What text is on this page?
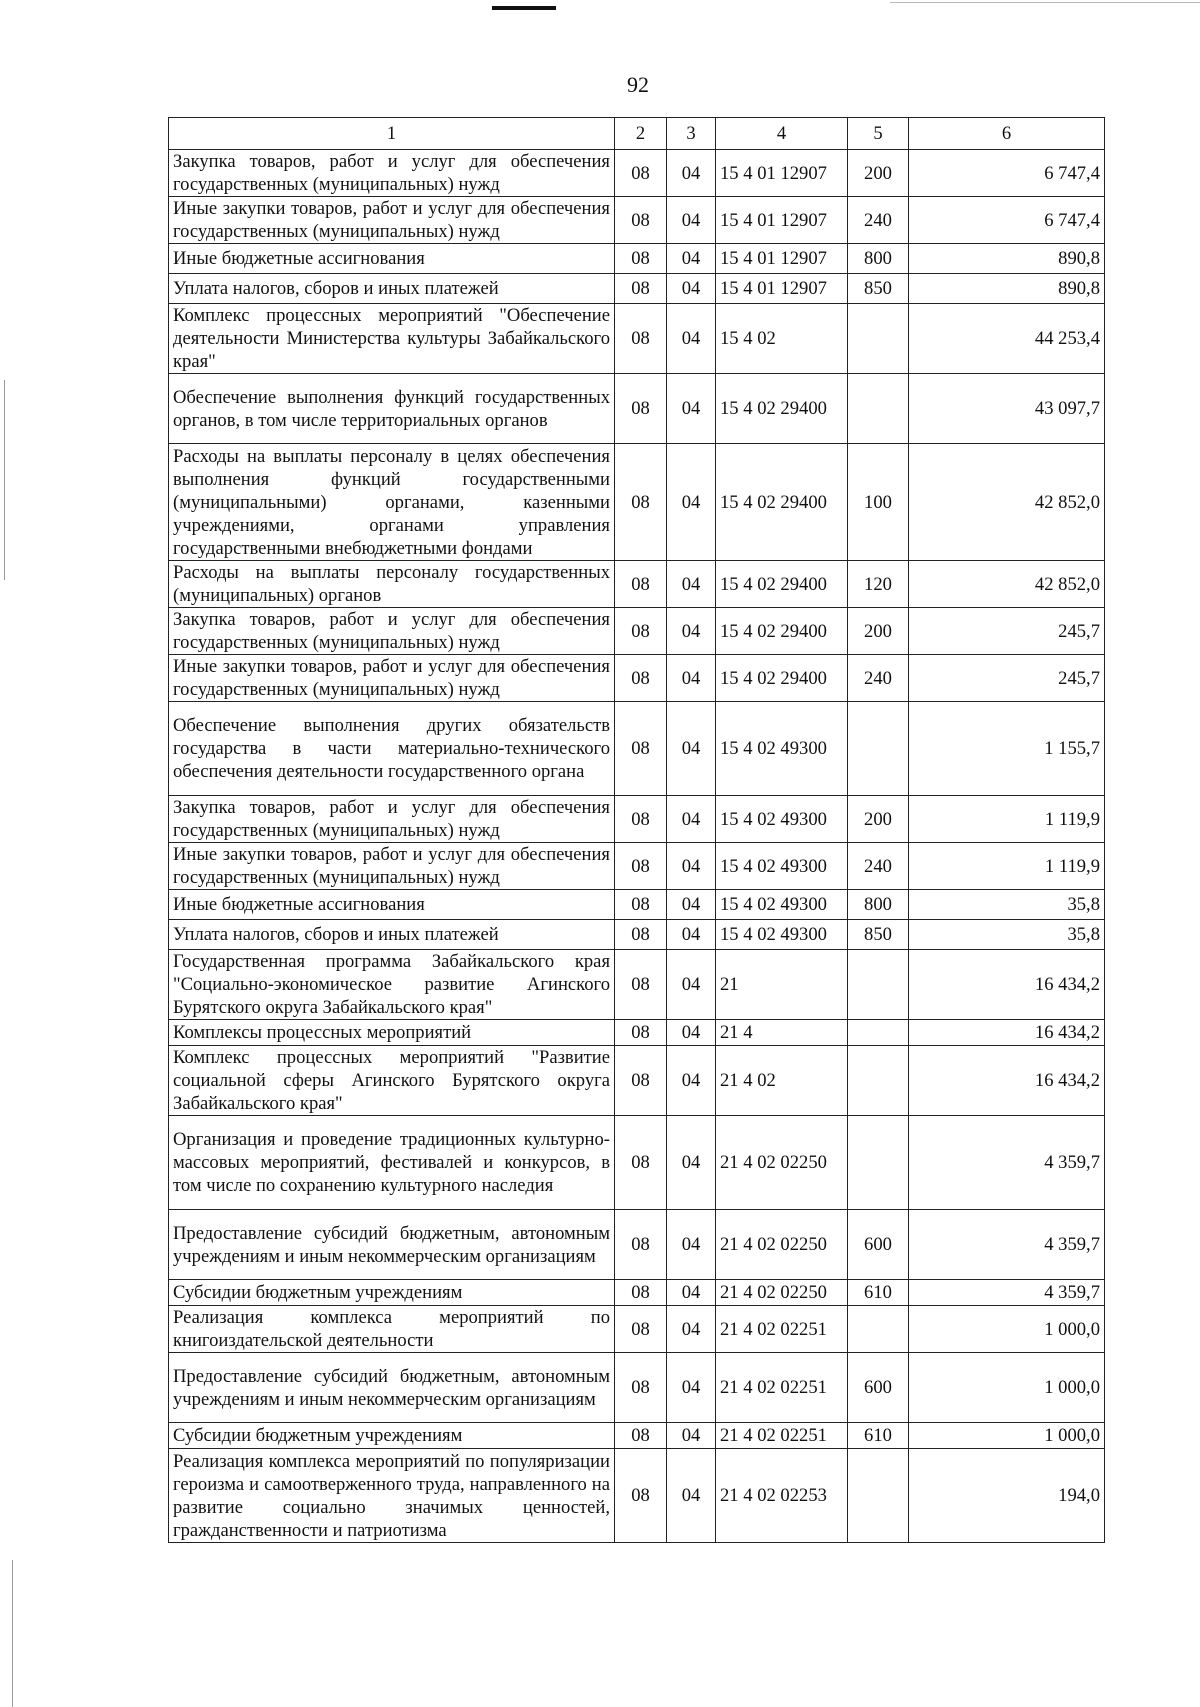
92
1	2	3	4	5	6
Закупка товаров, работ и услуг для обеспечения государственных (муниципальных) нужд	08	04	15 4 01 12907	200	6 747,4
Иные закупки товаров, работ и услуг для обеспечения государственных (муниципальных) нужд	08	04	15 4 01 12907	240	6 747,4
Иные бюджетные ассигнования	08	04	15 4 01 12907	800	890,8
Уплата налогов, сборов и иных платежей	08	04	15 4 01 12907	850	890,8
Комплекс процессных мероприятий "Обеспечение деятельности Министерства культуры Забайкальского края"	08	04	15 4 02		44 253,4
Обеспечение выполнения функций государственных органов, в том числе территориальных органов	08	04	15 4 02 29400		43 097,7
Расходы на выплаты персоналу в целях обеспечения выполнения функций государственными (муниципальными) органами, казенными учреждениями, органами управления государственными внебюджетными фондами	08	04	15 4 02 29400	100	42 852,0
Расходы на выплаты персоналу государственных (муниципальных) органов	08	04	15 4 02 29400	120	42 852,0
Закупка товаров, работ и услуг для обеспечения государственных (муниципальных) нужд	08	04	15 4 02 29400	200	245,7
Иные закупки товаров, работ и услуг для обеспечения государственных (муниципальных) нужд	08	04	15 4 02 29400	240	245,7
Обеспечение выполнения других обязательств государства в части материально-технического обеспечения деятельности государственного органа	08	04	15 4 02 49300		1 155,7
Закупка товаров, работ и услуг для обеспечения государственных (муниципальных) нужд	08	04	15 4 02 49300	200	1 119,9
Иные закупки товаров, работ и услуг для обеспечения государственных (муниципальных) нужд	08	04	15 4 02 49300	240	1 119,9
Иные бюджетные ассигнования	08	04	15 4 02 49300	800	35,8
Уплата налогов, сборов и иных платежей	08	04	15 4 02 49300	850	35,8
Государственная программа Забайкальского края "Социально-экономическое развитие Агинского Бурятского округа Забайкальского края"	08	04	21		16 434,2
Комплексы процессных мероприятий	08	04	21 4		16 434,2
Комплекс процессных мероприятий "Развитие социальной сферы Агинского Бурятского округа Забайкальского края"	08	04	21 4 02		16 434,2
Организация и проведение традиционных культурно-массовых мероприятий, фестивалей и конкурсов, в том числе по сохранению культурного наследия	08	04	21 4 02 02250		4 359,7
Предоставление субсидий бюджетным, автономным учреждениям и иным некоммерческим организациям	08	04	21 4 02 02250	600	4 359,7
Субсидии бюджетным учреждениям	08	04	21 4 02 02250	610	4 359,7
Реализация комплекса мероприятий по книгоиздательской деятельности	08	04	21 4 02 02251		1 000,0
Предоставление субсидий бюджетным, автономным учреждениям и иным некоммерческим организациям	08	04	21 4 02 02251	600	1 000,0
Субсидии бюджетным учреждениям	08	04	21 4 02 02251	610	1 000,0
Реализация комплекса мероприятий по популяризации героизма и самоотверженного труда, направленного на развитие социально значимых ценностей, гражданственности и патриотизма	08	04	21 4 02 02253		194,0
